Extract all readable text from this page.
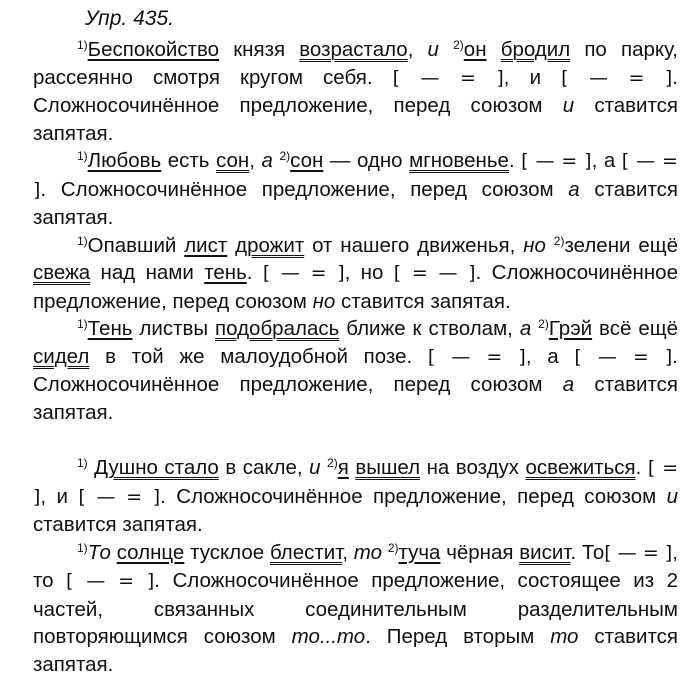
Упр. 435.

$^{1)}$Беспокойство князя возрастало, и $^{2)}$он бродил по парку, рассеянно смотря кругом себя. [ — = ], и [ — = ]. Сложносочинённое предложение, перед союзом и ставится запятая.

$^{1)}$Любовь есть сон, а $^{2)}$сон — одно мгновенье. [ — = ], а [ — = ]. Сложносочинённое предложение, перед союзом а ставится запятая.

$^{1)}$Опавший лист дрожит от нашего движенья, но $^{2)}$зелени ещё свежа над нами тень. [ — = ], но [ = — ]. Сложносочинённое предложение, перед союзом но ставится запятая.

$^{1)}$Тень листвы подобралась ближе к стволам, а $^{2)}$Грэй всё ещё сидел в той же малоудобной позе. [ — = ], а [ — = ]. Сложносочинённое предложение, перед союзом а ставится запятая.

$^{1)}$ Душно стало в сакле, и $^{2)}$я вышел на воздух освежиться. [ = ], и [ — = ]. Сложносочинённое предложение, перед союзом и ставится запятая.

$^{1)}$То солнце тусклое блестит, то $^{2)}$туча чёрная висит. То[ — = ], то [ — = ]. Сложносочинённое предложение, состоящее из 2 частей, связанных соединительным разделительным повторяющимся союзом то...то. Перед вторым то ставится запятая.
